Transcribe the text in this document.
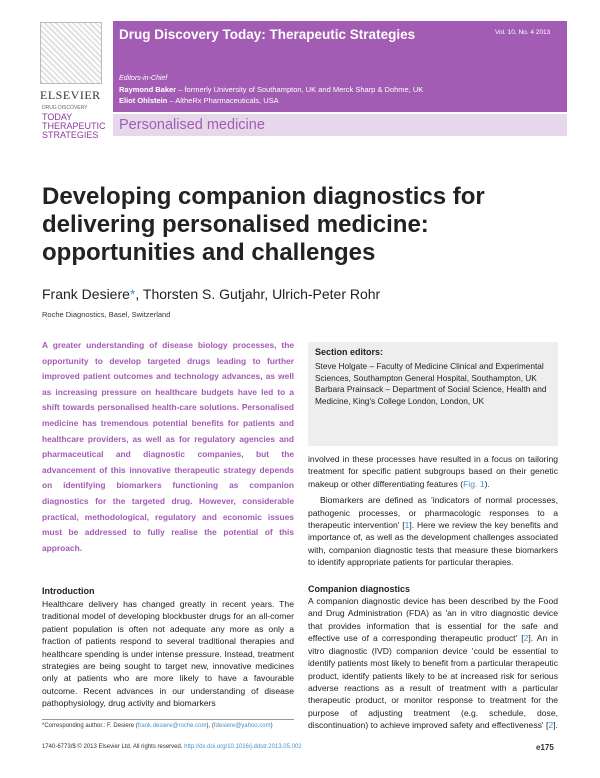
ELSEVIER
DRUG DISCOVERY
TODAY
THERAPEUTIC
STRATEGIES
Drug Discovery Today: Therapeutic Strategies	Vol. 10, No. 4 2013
Editors-in-Chief
Raymond Baker – formerly University of Southampton, UK and Merck Sharp & Dohme, UK
Eliot Ohlstein – AltheRx Pharmaceuticals, USA
Personalised medicine
Developing companion diagnostics for delivering personalised medicine: opportunities and challenges
Frank Desiere*, Thorsten S. Gutjahr, Ulrich-Peter Rohr
Roche Diagnostics, Basel, Switzerland
A greater understanding of disease biology processes, the opportunity to develop targeted drugs leading to further improved patient outcomes and technology advances, as well as increasing pressure on healthcare budgets have led to a shift towards personalised health-care solutions. Personalised medicine has tremendous potential benefits for patients and healthcare providers, as well as for regulatory agencies and pharmaceutical and diagnostic companies, but the advancement of this innovative therapeutic strategy depends on identifying biomarkers functioning as companion diagnostics for the targeted drug. However, considerable practical, methodological, regulatory and economic issues must be addressed to fully realise the potential of this approach.
Section editors:
Steve Holgate – Faculty of Medicine Clinical and Experimental Sciences, Southampton General Hospital, Southampton, UK
Barbara Prainsack – Department of Social Science, Health and Medicine, King's College London, London, UK
Introduction
Healthcare delivery has changed greatly in recent years. The traditional model of developing blockbuster drugs for an all-comer patient population is often not adequate any more as only a fraction of patients respond to several traditional therapies and healthcare spending is under intense pressure. Instead, treatment strategies are being sought to target new, innovative medicines only at patients who are more likely to have a favourable outcome. Recent advances in our understanding of disease pathophysiology, drug activity and biomarkers

involved in these processes have resulted in a focus on tailoring treatment for specific patient subgroups based on their genetic makeup or other differentiating features (Fig. 1).

Biomarkers are defined as 'indicators of normal processes, pathogenic processes, or pharmacologic responses to a therapeutic intervention' [1]. Here we review the key benefits and importance of, as well as the development challenges associated with, companion diagnostic tests that measure these biomarkers to identify appropriate patients for particular therapies.

Companion diagnostics

A companion diagnostic device has been described by the Food and Drug Administration (FDA) as 'an in vitro diagnostic device that provides information that is essential for the safe and effective use of a corresponding therapeutic product' [2]. An in vitro diagnostic (IVD) companion device 'could be essential to identify patients most likely to benefit from a particular therapeutic product, identify patients likely to be at increased risk for serious adverse reactions as a result of treatment with a particular therapeutic product, or monitor response to treatment for the purpose of adjusting treatment (e.g. schedule, dose, discontinuation) to achieve improved safety and effectiveness' [2].

*Corresponding author.: F. Desiere (frank.desiere@roche.com), (fdesiere@yahoo.com)
1740-6773/$ © 2013 Elsevier Ltd. All rights reserved. http://dx.doi.org/10.1016/j.ddstr.2013.05.002	e175
